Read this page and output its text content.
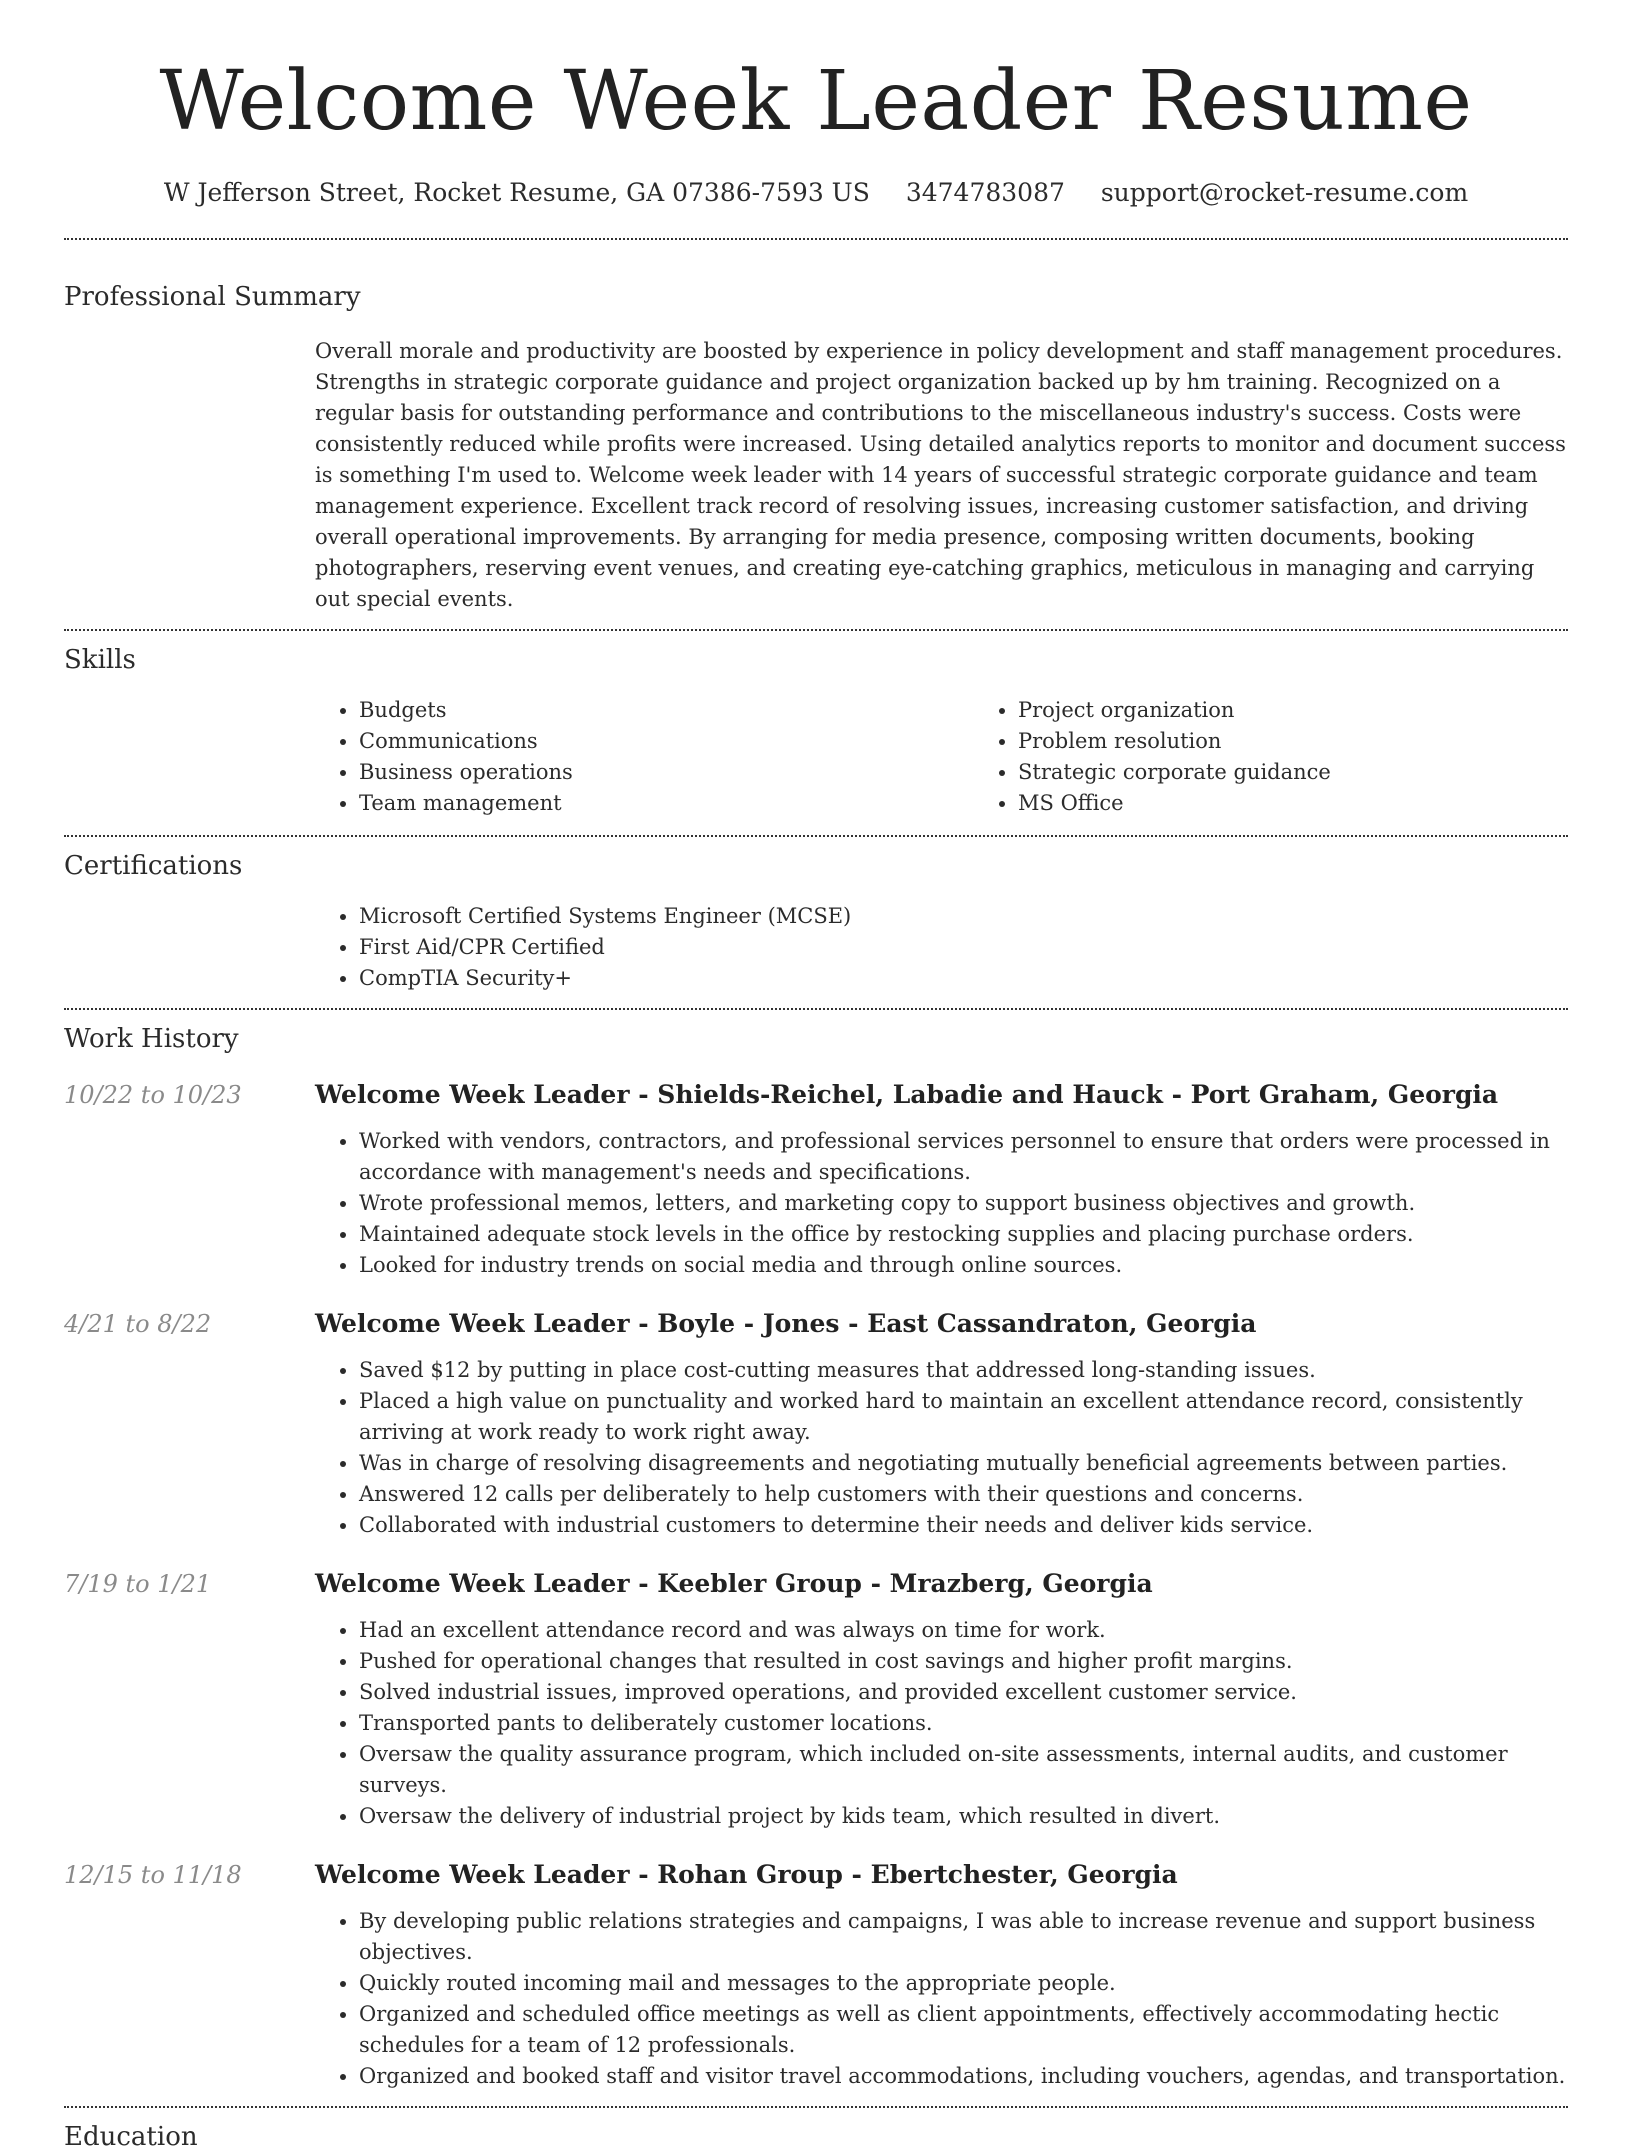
Welcome Week Leader Resume
W Jefferson Street, Rocket Resume, GA 07386-7593 US 3474783087 support@rocket-resume.com
Professional Summary

Overall morale and productivity are boosted by experience in policy development and staff management procedures. Strengths in strategic corporate guidance and project organization backed up by hm training. Recognized on a regular basis for outstanding performance and contributions to the miscellaneous industry's success. Costs were consistently reduced while profits were increased. Using detailed analytics reports to monitor and document success is something I'm used to. Welcome week leader with 14 years of successful strategic corporate guidance and team management experience. Excellent track record of resolving issues, increasing customer satisfaction, and driving overall operational improvements. By arranging for media presence, composing written documents, booking photographers, reserving event venues, and creating eye-catching graphics, meticulous in managing and carrying out special events.

Skills
• Budgets
• Communications
• Business operations
• Team management
• Project organization
• Problem resolution
• Strategic corporate guidance
• MS Office
Certifications
• Microsoft Certified Systems Engineer (MCSE)
• First Aid/CPR Certified
• CompTIA Security+
Work History
10/22 to 10/23	Welcome Week Leader - Shields-Reichel, Labadie and Hauck - Port Graham, Georgia
• Worked with vendors, contractors, and professional services personnel to ensure that orders were processed in accordance with management's needs and specifications.
• Wrote professional memos, letters, and marketing copy to support business objectives and growth.
• Maintained adequate stock levels in the office by restocking supplies and placing purchase orders.
• Looked for industry trends on social media and through online sources.
4/21 to 8/22	Welcome Week Leader - Boyle - Jones - East Cassandraton, Georgia
• Saved $12 by putting in place cost-cutting measures that addressed long-standing issues.
• Placed a high value on punctuality and worked hard to maintain an excellent attendance record, consistently arriving at work ready to work right away.
• Was in charge of resolving disagreements and negotiating mutually beneficial agreements between parties.
• Answered 12 calls per deliberately to help customers with their questions and concerns.
• Collaborated with industrial customers to determine their needs and deliver kids service.
7/19 to 1/21	Welcome Week Leader - Keebler Group - Mrazberg, Georgia
• Had an excellent attendance record and was always on time for work.
• Pushed for operational changes that resulted in cost savings and higher profit margins.
• Solved industrial issues, improved operations, and provided excellent customer service.
• Transported pants to deliberately customer locations.
• Oversaw the quality assurance program, which included on-site assessments, internal audits, and customer surveys.
• Oversaw the delivery of industrial project by kids team, which resulted in divert.
12/15 to 11/18	Welcome Week Leader - Rohan Group - Ebertchester, Georgia
• By developing public relations strategies and campaigns, I was able to increase revenue and support business objectives.
• Quickly routed incoming mail and messages to the appropriate people.
• Organized and scheduled office meetings as well as client appointments, effectively accommodating hectic schedules for a team of 12 professionals.
• Organized and booked staff and visitor travel accommodations, including vouchers, agendas, and transportation.
Education
